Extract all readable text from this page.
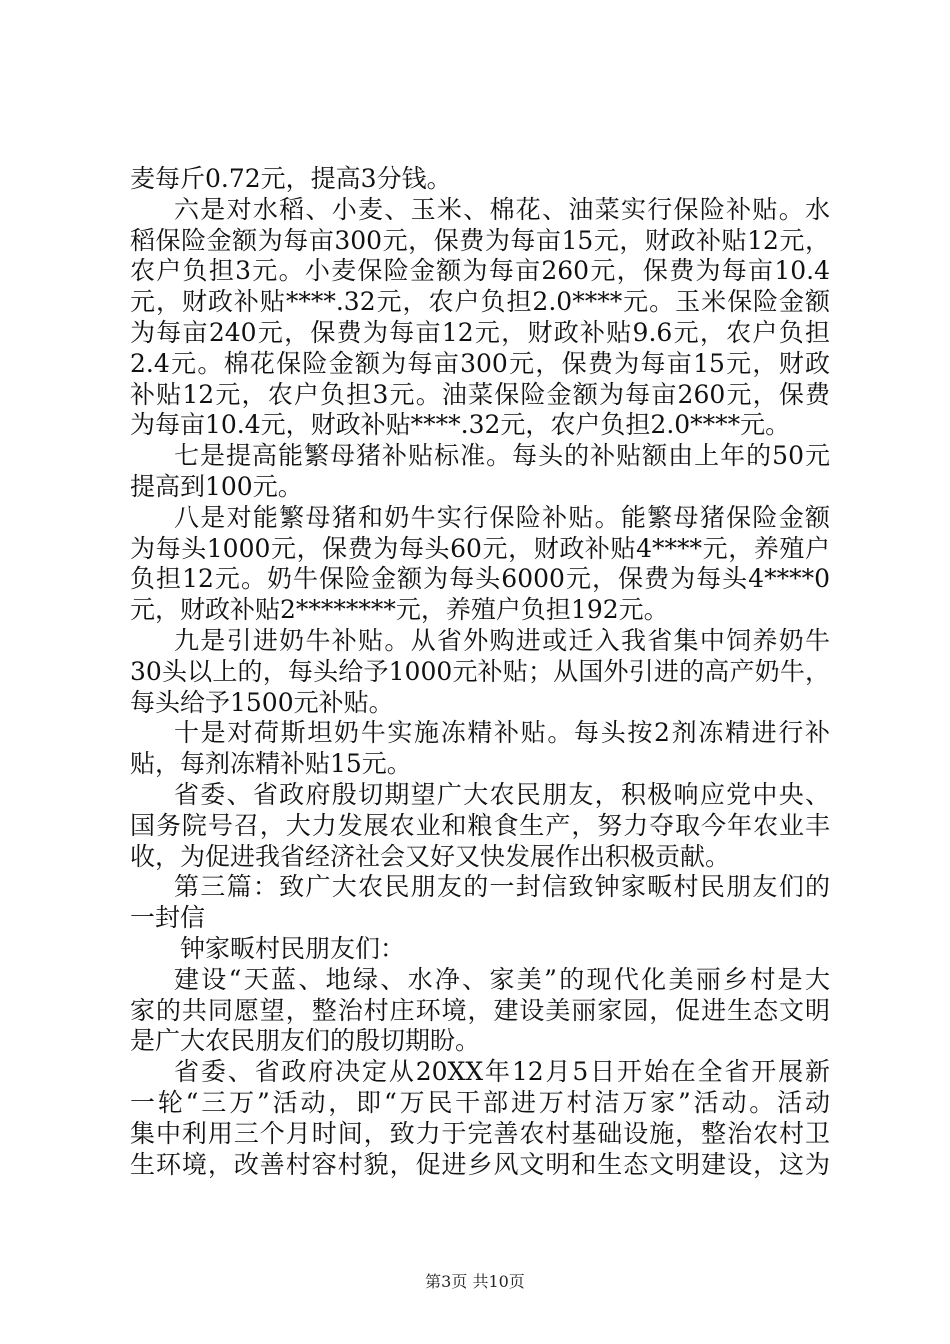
麦每斤0.72元，提高3分钱。
六是对水稻、小麦、玉米、棉花、油菜实行保险补贴。水
稻保险金额为每亩300元，保费为每亩15元，财政补贴12元，
农户负担3元。小麦保险金额为每亩260元，保费为每亩10.4
元，财政补贴****.32元，农户负担2.0****元。玉米保险金额
为每亩240元，保费为每亩12元，财政补贴9.6元，农户负担
2.4元。棉花保险金额为每亩300元，保费为每亩15元，财政
补贴12元，农户负担3元。油菜保险金额为每亩260元，保费
为每亩10.4元，财政补贴****.32元，农户负担2.0****元。
七是提高能繁母猪补贴标准。每头的补贴额由上年的50元
提高到100元。
八是对能繁母猪和奶牛实行保险补贴。能繁母猪保险金额
为每头1000元，保费为每头60元，财政补贴4****元，养殖户
负担12元。奶牛保险金额为每头6000元，保费为每头4****0
元，财政补贴2********元，养殖户负担192元。
九是引进奶牛补贴。从省外购进或迁入我省集中饲养奶牛
30头以上的，每头给予1000元补贴；从国外引进的高产奶牛，
每头给予1500元补贴。
十是对荷斯坦奶牛实施冻精补贴。每头按2剂冻精进行补
贴，每剂冻精补贴15元。
省委、省政府殷切期望广大农民朋友，积极响应党中央、
国务院号召，大力发展农业和粮食生产，努力夺取今年农业丰
收，为促进我省经济社会又好又快发展作出积极贡献。
第三篇：致广大农民朋友的一封信致钟家畈村民朋友们的
一封信
钟家畈村民朋友们：
建设“天蓝、地绿、水净、家美”的现代化美丽乡村是大
家的共同愿望，整治村庄环境，建设美丽家园，促进生态文明
是广大农民朋友们的殷切期盼。
省委、省政府决定从20XX年12月5日开始在全省开展新
一轮“三万”活动，即“万民干部进万村洁万家”活动。活动
集中利用三个月时间，致力于完善农村基础设施，整治农村卫
生环境，改善村容村貌，促进乡风文明和生态文明建设，这为
第3页 共10页
